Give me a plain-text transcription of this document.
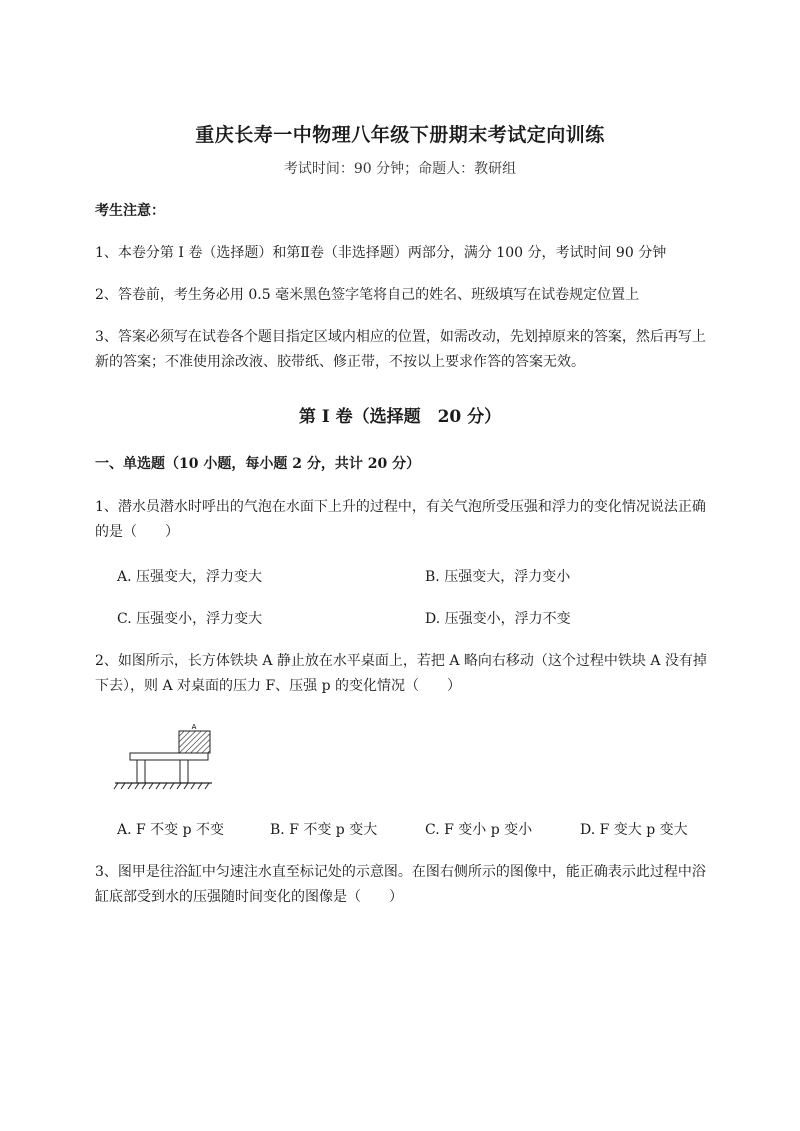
重庆长寿一中物理八年级下册期末考试定向训练
考试时间：90 分钟；命题人：教研组
考生注意：
1、本卷分第 I 卷（选择题）和第Ⅱ卷（非选择题）两部分，满分 100 分，考试时间 90 分钟
2、答卷前，考生务必用 0.5 毫米黑色签字笔将自己的姓名、班级填写在试卷规定位置上
3、答案必须写在试卷各个题目指定区域内相应的位置，如需改动，先划掉原来的答案，然后再写上新的答案；不准使用涂改液、胶带纸、修正带，不按以上要求作答的答案无效。
第 I 卷（选择题　20 分）
一、单选题（10 小题，每小题 2 分，共计 20 分）
1、潜水员潜水时呼出的气泡在水面下上升的过程中，有关气泡所受压强和浮力的变化情况说法正确的是（　　）
A. 压强变大，浮力变大	B. 压强变大，浮力变小
C. 压强变小，浮力变大	D. 压强变小，浮力不变
2、如图所示，长方体铁块 A 静止放在水平桌面上，若把 A 略向右移动（这个过程中铁块 A 没有掉下去），则 A 对桌面的压力 F、压强 p 的变化情况（　　）
A
A. F 不变 p 不变	B. F 不变 p 变大	C. F 变小 p 变小	D. F 变大 p 变大
3、图甲是往浴缸中匀速注水直至标记处的示意图。在图右侧所示的图像中，能正确表示此过程中浴缸底部受到水的压强随时间变化的图像是（　　）
